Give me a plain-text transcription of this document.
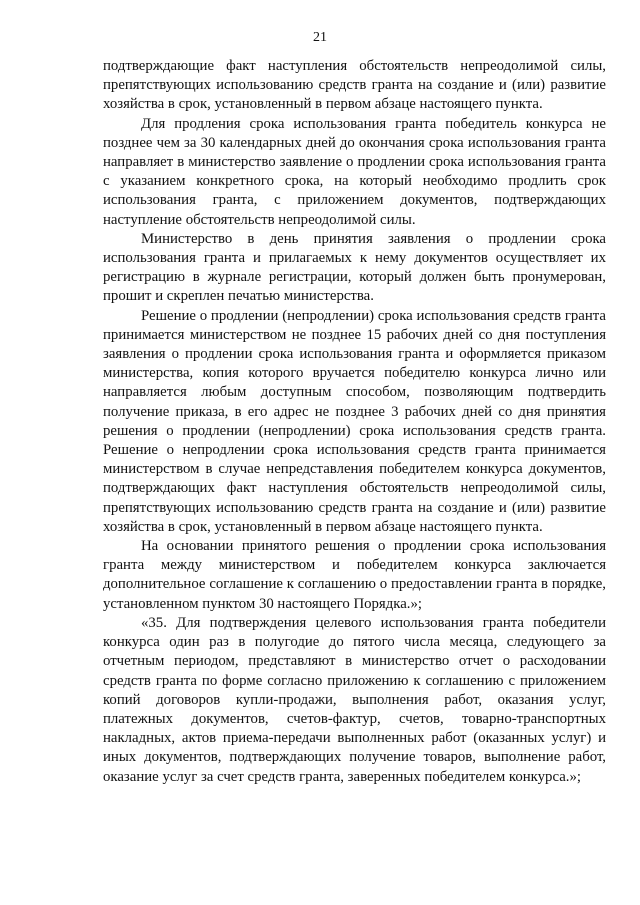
21

подтверждающие факт наступления обстоятельств непреодолимой силы, препятствующих использованию средств гранта на создание и (или) развитие хозяйства в срок, установленный в первом абзаце настоящего пункта.

Для продления срока использования гранта победитель конкурса не позднее чем за 30 календарных дней до окончания срока использования гранта направляет в министерство заявление о продлении срока использования гранта с указанием конкретного срока, на который необходимо продлить срок использования гранта, с приложением документов, подтверждающих наступление обстоятельств непреодолимой силы.

Министерство в день принятия заявления о продлении срока использования гранта и прилагаемых к нему документов осуществляет их регистрацию в журнале регистрации, который должен быть пронумерован, прошит и скреплен печатью министерства.

Решение о продлении (непродлении) срока использования средств гранта принимается министерством не позднее 15 рабочих дней со дня поступления заявления о продлении срока использования гранта и оформляется приказом министерства, копия которого вручается победителю конкурса лично или направляется любым доступным способом, позволяющим подтвердить получение приказа, в его адрес не позднее 3 рабочих дней со дня принятия решения о продлении (непродлении) срока использования средств гранта. Решение о непродлении срока использования средств гранта принимается министерством в случае непредставления победителем конкурса документов, подтверждающих факт наступления обстоятельств непреодолимой силы, препятствующих использованию средств гранта на создание и (или) развитие хозяйства в срок, установленный в первом абзаце настоящего пункта.

На основании принятого решения о продлении срока использования гранта между министерством и победителем конкурса заключается дополнительное соглашение к соглашению о предоставлении гранта в порядке, установленном пунктом 30 настоящего Порядка.»;

«35. Для подтверждения целевого использования гранта победители конкурса один раз в полугодие до пятого числа месяца, следующего за отчетным периодом, представляют в министерство отчет о расходовании средств гранта по форме согласно приложению к соглашению с приложением копий договоров купли-продажи, выполнения работ, оказания услуг, платежных документов, счетов-фактур, счетов, товарно-транспортных накладных, актов приема-передачи выполненных работ (оказанных услуг) и иных документов, подтверждающих получение товаров, выполнение работ, оказание услуг за счет средств гранта, заверенных победителем конкурса.»;
